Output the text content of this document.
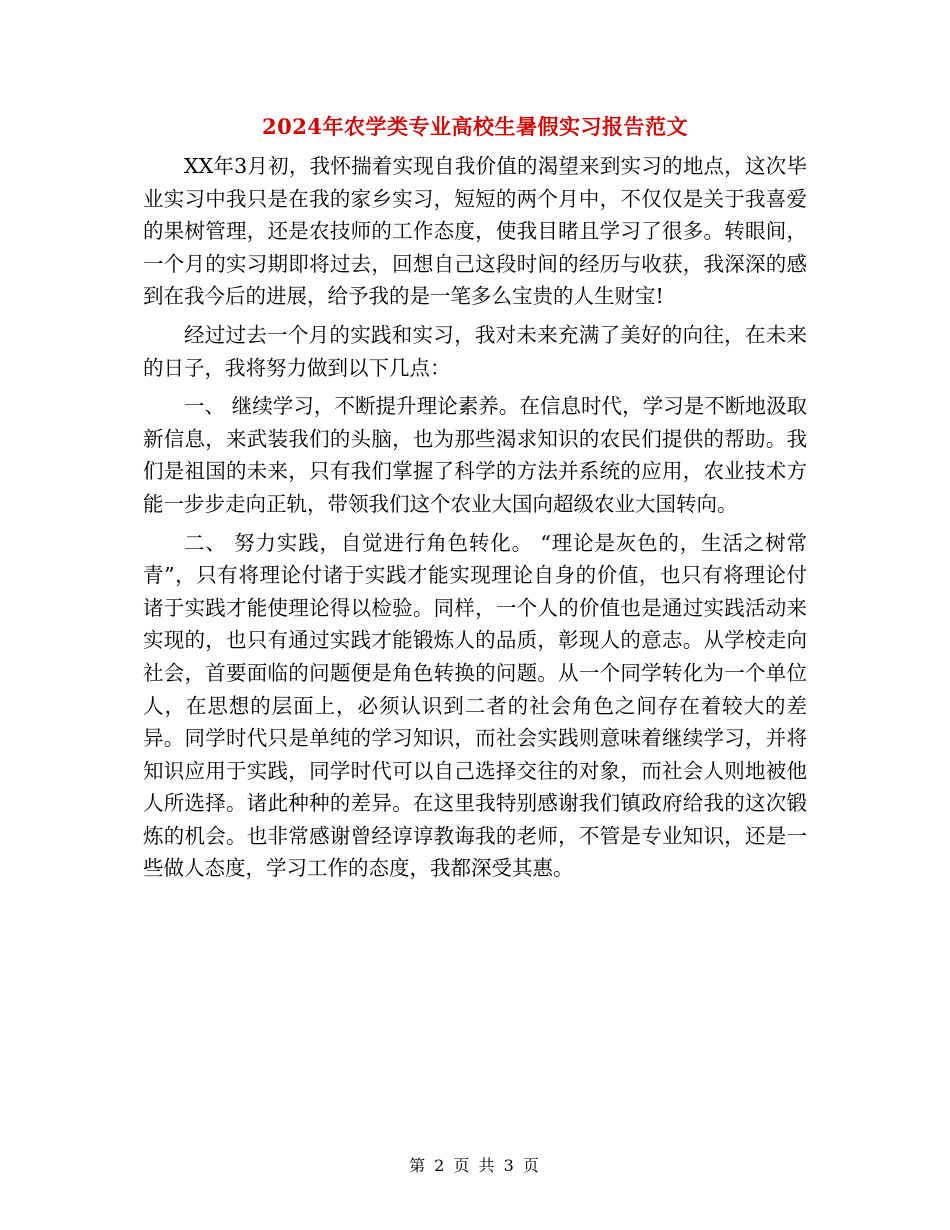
2024年农学类专业高校生暑假实习报告范文

XX年3月初，我怀揣着实现自我价值的渴望来到实习的地点，这次毕业实习中我只是在我的家乡实习，短短的两个月中，不仅仅是关于我喜爱的果树管理，还是农技师的工作态度，使我目睹且学习了很多。转眼间，一个月的实习期即将过去，回想自己这段时间的经历与收获，我深深的感到在我今后的进展，给予我的是一笔多么宝贵的人生财宝!

经过过去一个月的实践和实习，我对未来充满了美好的向往，在未来的日子，我将努力做到以下几点：

一、 继续学习，不断提升理论素养。在信息时代，学习是不断地汲取新信息，来武装我们的头脑，也为那些渴求知识的农民们提供的帮助。我们是祖国的未来，只有我们掌握了科学的方法并系统的应用，农业技术方能一步步走向正轨，带领我们这个农业大国向超级农业大国转向。

二、 努力实践，自觉进行角色转化。 “理论是灰色的，生活之树常青”，只有将理论付诸于实践才能实现理论自身的价值，也只有将理论付诸于实践才能使理论得以检验。同样，一个人的价值也是通过实践活动来实现的，也只有通过实践才能锻炼人的品质，彰现人的意志。从学校走向社会，首要面临的问题便是角色转换的问题。从一个同学转化为一个单位人，在思想的层面上，必须认识到二者的社会角色之间存在着较大的差异。同学时代只是单纯的学习知识，而社会实践则意味着继续学习，并将知识应用于实践，同学时代可以自己选择交往的对象，而社会人则地被他人所选择。诸此种种的差异。在这里我特别感谢我们镇政府给我的这次锻炼的机会。也非常感谢曾经谆谆教诲我的老师，不管是专业知识，还是一些做人态度，学习工作的态度，我都深受其惠。

第 2 页 共 3 页
